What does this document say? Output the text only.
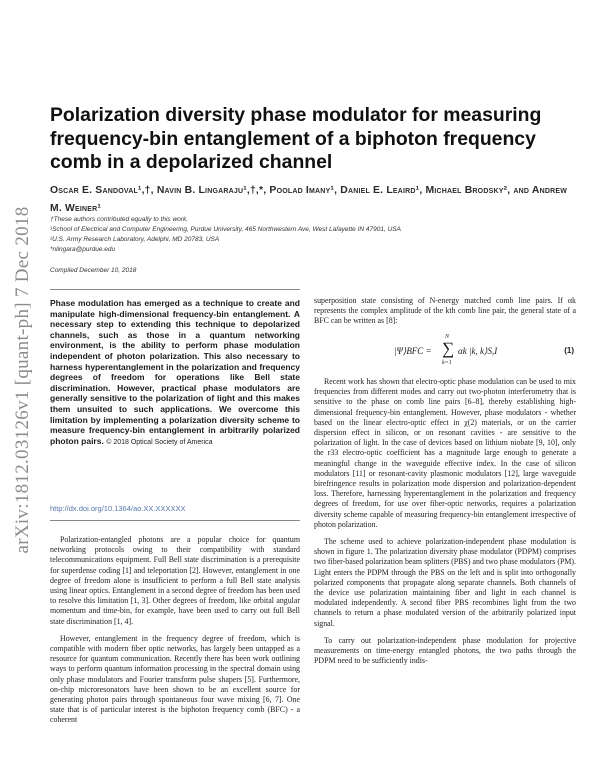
arXiv:1812.03126v1 [quant-ph] 7 Dec 2018
Polarization diversity phase modulator for measuring frequency-bin entanglement of a biphoton frequency comb in a depolarized channel
Oscar E. Sandoval¹,†, Navin B. Lingaraju¹,†,*, Poolad Imany¹, Daniel E. Leaird¹, Michael Brodsky², and Andrew M. Weiner¹
†These authors contributed equally to this work.
¹School of Electrical and Computer Engineering, Purdue University, 465 Northwestern Ave, West Lafayette IN 47901, USA
²U.S. Army Research Laboratory, Adelphi, MD 20783, USA
*nlingara@purdue.edu
Compiled December 10, 2018

Phase modulation has emerged as a technique to create and manipulate high-dimensional frequency-bin entanglement. A necessary step to extending this technique to depolarized channels, such as those in a quantum networking environment, is the ability to perform phase modulation independent of photon polarization. This also necessary to harness hyperentanglement in the polarization and frequency degrees of freedom for operations like Bell state discrimination. However, practical phase modulators are generally sensitive to the polarization of light and this makes them unsuited to such applications. We overcome this limitation by implementing a polarization diversity scheme to measure frequency-bin entanglement in arbitrarily polarized photon pairs. © 2018 Optical Society of America

http://dx.doi.org/10.1364/ao.XX.XXXXXX

Polarization-entangled photons are a popular choice for quantum networking protocols owing to their compatibility with standard telecommunications equipment. Full Bell state discrimination is a prerequisite for superdense coding [1] and teleportation [2]. However, entanglement in one degree of freedom alone is insufficient to perform a full Bell state analysis using linear optics. Entanglement in a second degree of freedom has been used to resolve this limitation [1, 3]. Other degrees of freedom, like orbital angular momentum and time-bin, for example, have been used to carry out full Bell state discrimination [1, 4].

However, entanglement in the frequency degree of freedom, which is compatible with modern fiber optic networks, has largely been untapped as a resource for quantum communication. Recently there has been work outlining ways to perform quantum information processing in the spectral domain using only phase modulators and Fourier transform pulse shapers [5]. Furthermore, on-chip microresonators have been shown to be an excellent source for generating photon pairs through spontaneous four wave mixing [6, 7]. One state that is of particular interest is the biphoton frequency comb (BFC) - a coherent

superposition state consisting of N-energy matched comb line pairs. If αk represents the complex amplitude of the kth comb line pair, the general state of a BFC can be written as [8]:

|Ψ⟩BFC =
N
∑
k=1
αk |k, k⟩S,I	(1)

Recent work has shown that electro-optic phase modulation can be used to mix frequencies from different modes and carry out two-photon interferometry that is sensitive to the phase on comb line pairs [6–8], thereby establishing high-dimensional frequency-bin entanglement. However, phase modulators - whether based on the linear electro-optic effect in χ(2) materials, or on the carrier dispersion effect in silicon, or on resonant cavities - are sensitive to the polarization of light. In the case of devices based on lithium niobate [9, 10], only the r33 electro-optic coefficient has a magnitude large enough to generate a meaningful change in the waveguide effective index. In the case of silicon modulators [11] or resonant-cavity plasmonic modulators [12], large waveguide birefringence results in polarization mode dispersion and polarization-dependent loss. Therefore, harnessing hyperentanglement in the polarization and frequency degrees of freedom, for use over fiber-optic networks, requires a polarization diversity scheme capable of measuring frequency-bin entanglement irrespective of photon polarization.

The scheme used to achieve polarization-independent phase modulation is shown in figure 1. The polarization diversity phase modulator (PDPM) comprises two fiber-based polarization beam splitters (PBS) and two phase modulators (PM). Light enters the PDPM through the PBS on the left and is split into orthogonally polarized components that propagate along separate channels. Both channels of the device use polarization maintaining fiber and light in each channel is modulated independently. A second fiber PBS recombines light from the two channels to return a phase modulated version of the arbitrarily polarized input signal.

To carry out polarization-independent phase modulation for projective measurements on time-energy entangled photons, the two paths through the PDPM need to be sufficiently indis-
